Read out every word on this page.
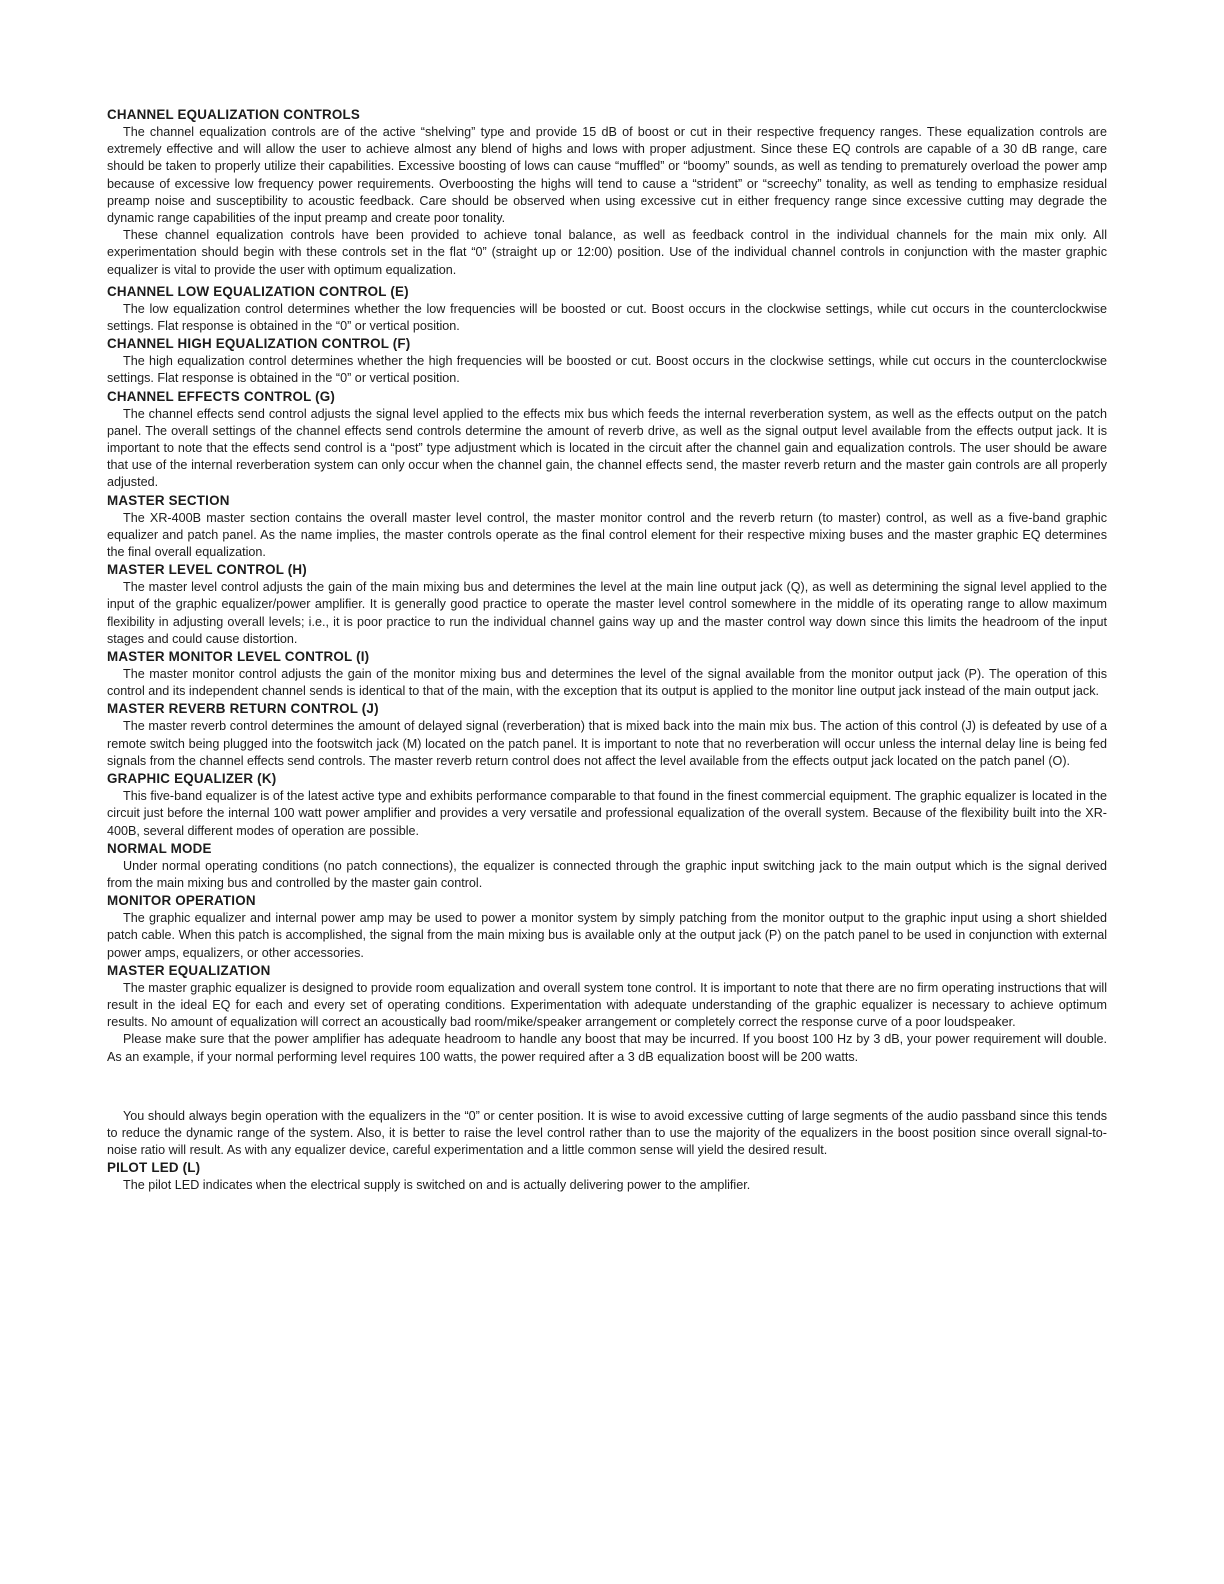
CHANNEL EQUALIZATION CONTROLS

The channel equalization controls are of the active “shelving” type and provide 15 dB of boost or cut in their respective frequency ranges. These equalization controls are extremely effective and will allow the user to achieve almost any blend of highs and lows with proper adjustment. Since these EQ controls are capable of a 30 dB range, care should be taken to properly utilize their capabilities. Excessive boosting of lows can cause “muffled” or “boomy” sounds, as well as tending to prematurely overload the power amp because of excessive low frequency power requirements. Overboosting the highs will tend to cause a “strident” or “screechy” tonality, as well as tending to emphasize residual preamp noise and susceptibility to acoustic feedback. Care should be observed when using excessive cut in either frequency range since excessive cutting may degrade the dynamic range capabilities of the input preamp and create poor tonality.

These channel equalization controls have been provided to achieve tonal balance, as well as feedback control in the individual channels for the main mix only. All experimentation should begin with these controls set in the flat “0” (straight up or 12:00) position. Use of the individual channel controls in conjunction with the master graphic equalizer is vital to provide the user with optimum equalization.

CHANNEL LOW EQUALIZATION CONTROL (E)

The low equalization control determines whether the low frequencies will be boosted or cut. Boost occurs in the clockwise settings, while cut occurs in the counterclockwise settings. Flat response is obtained in the “0” or vertical position.

CHANNEL HIGH EQUALIZATION CONTROL (F)

The high equalization control determines whether the high frequencies will be boosted or cut. Boost occurs in the clockwise settings, while cut occurs in the counterclockwise settings. Flat response is obtained in the “0” or vertical position.

CHANNEL EFFECTS CONTROL (G)

The channel effects send control adjusts the signal level applied to the effects mix bus which feeds the internal reverberation system, as well as the effects output on the patch panel. The overall settings of the channel effects send controls determine the amount of reverb drive, as well as the signal output level available from the effects output jack. It is important to note that the effects send control is a “post” type adjustment which is located in the circuit after the channel gain and equalization controls. The user should be aware that use of the internal reverberation system can only occur when the channel gain, the channel effects send, the master reverb return and the master gain controls are all properly adjusted.

MASTER SECTION

The XR-400B master section contains the overall master level control, the master monitor control and the reverb return (to master) control, as well as a five-band graphic equalizer and patch panel. As the name implies, the master controls operate as the final control element for their respective mixing buses and the master graphic EQ determines the final overall equalization.

MASTER LEVEL CONTROL (H)

The master level control adjusts the gain of the main mixing bus and determines the level at the main line output jack (Q), as well as determining the signal level applied to the input of the graphic equalizer/power amplifier. It is generally good practice to operate the master level control somewhere in the middle of its operating range to allow maximum flexibility in adjusting overall levels; i.e., it is poor practice to run the individual channel gains way up and the master control way down since this limits the headroom of the input stages and could cause distortion.

MASTER MONITOR LEVEL CONTROL (I)

The master monitor control adjusts the gain of the monitor mixing bus and determines the level of the signal available from the monitor output jack (P). The operation of this control and its independent channel sends is identical to that of the main, with the exception that its output is applied to the monitor line output jack instead of the main output jack.

MASTER REVERB RETURN CONTROL (J)

The master reverb control determines the amount of delayed signal (reverberation) that is mixed back into the main mix bus. The action of this control (J) is defeated by use of a remote switch being plugged into the footswitch jack (M) located on the patch panel. It is important to note that no reverberation will occur unless the internal delay line is being fed signals from the channel effects send controls. The master reverb return control does not affect the level available from the effects output jack located on the patch panel (O).

GRAPHIC EQUALIZER (K)

This five-band equalizer is of the latest active type and exhibits performance comparable to that found in the finest commercial equipment. The graphic equalizer is located in the circuit just before the internal 100 watt power amplifier and provides a very versatile and professional equalization of the overall system. Because of the flexibility built into the XR-400B, several different modes of operation are possible.

NORMAL MODE

Under normal operating conditions (no patch connections), the equalizer is connected through the graphic input switching jack to the main output which is the signal derived from the main mixing bus and controlled by the master gain control.

MONITOR OPERATION

The graphic equalizer and internal power amp may be used to power a monitor system by simply patching from the monitor output to the graphic input using a short shielded patch cable. When this patch is accomplished, the signal from the main mixing bus is available only at the output jack (P) on the patch panel to be used in conjunction with external power amps, equalizers, or other accessories.

MASTER EQUALIZATION

The master graphic equalizer is designed to provide room equalization and overall system tone control. It is important to note that there are no firm operating instructions that will result in the ideal EQ for each and every set of operating conditions. Experimentation with adequate understanding of the graphic equalizer is necessary to achieve optimum results. No amount of equalization will correct an acoustically bad room/mike/speaker arrangement or completely correct the response curve of a poor loudspeaker.

Please make sure that the power amplifier has adequate headroom to handle any boost that may be incurred. If you boost 100 Hz by 3 dB, your power requirement will double. As an example, if your normal performing level requires 100 watts, the power required after a 3 dB equalization boost will be 200 watts.

You should always begin operation with the equalizers in the “0” or center position. It is wise to avoid excessive cutting of large segments of the audio passband since this tends to reduce the dynamic range of the system. Also, it is better to raise the level control rather than to use the majority of the equalizers in the boost position since overall signal-to-noise ratio will result. As with any equalizer device, careful experimentation and a little common sense will yield the desired result.

PILOT LED (L)

The pilot LED indicates when the electrical supply is switched on and is actually delivering power to the amplifier.
